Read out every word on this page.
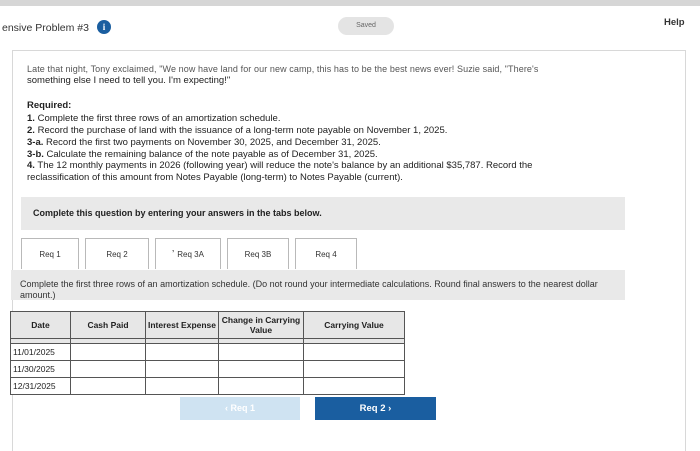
ensive Problem #3	i	Saved	Help
Late that night, Tony exclaimed, "We now have land for our new camp, this has to be the best news ever! Suzie said, "There's
something else I need to tell you. I'm expecting!"
Required:
1. Complete the first three rows of an amortization schedule.
2. Record the purchase of land with the issuance of a long-term note payable on November 1, 2025.
3-a. Record the first two payments on November 30, 2025, and December 31, 2025.
3-b. Calculate the remaining balance of the note payable as of December 31, 2025.
4. The 12 monthly payments in 2026 (following year) will reduce the note's balance by an additional $35,787. Record the
reclassification of this amount from Notes Payable (long-term) to Notes Payable (current).
Complete this question by entering your answers in the tabs below.
Req 1	Req 2	’ Req 3A	Req 3B	Req 4
Complete the first three rows of an amortization schedule. (Do not round your intermediate calculations. Round final answers to the nearest dollar amount.)
Date	Cash Paid	Interest Expense	Change in Carrying Value	Carrying Value

11/01/2025				
11/30/2025				
12/31/2025				
‹ Req 1	Req 2 ›
